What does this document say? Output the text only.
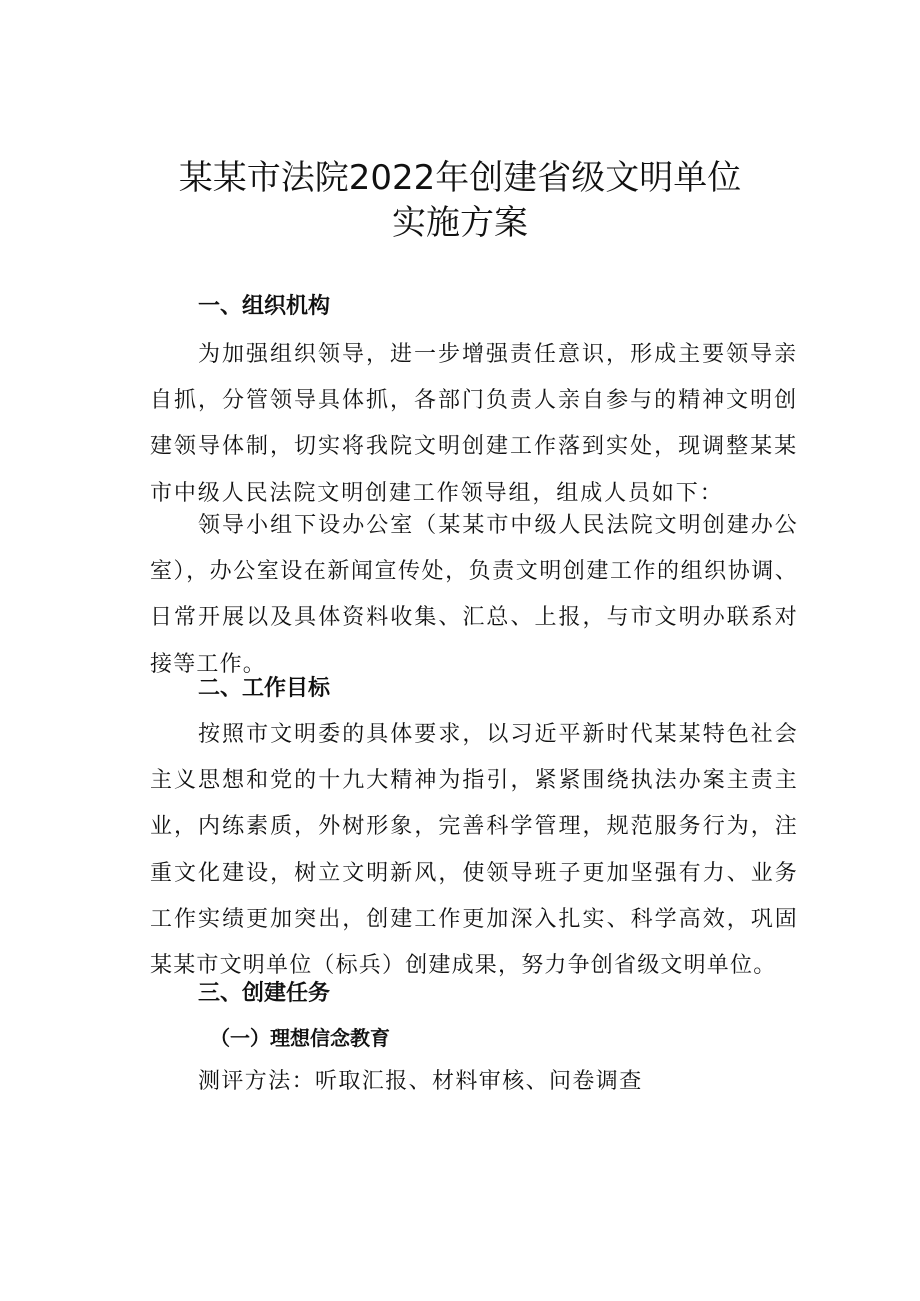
某某市法院2022年创建省级文明单位
实施方案
一、组织机构

为加强组织领导，进一步增强责任意识，形成主要领导亲自抓，分管领导具体抓，各部门负责人亲自参与的精神文明创建领导体制，切实将我院文明创建工作落到实处，现调整某某市中级人民法院文明创建工作领导组，组成人员如下：

领导小组下设办公室（某某市中级人民法院文明创建办公室），办公室设在新闻宣传处，负责文明创建工作的组织协调、日常开展以及具体资料收集、汇总、上报，与市文明办联系对接等工作。

二、工作目标

按照市文明委的具体要求，以习近平新时代某某特色社会主义思想和党的十九大精神为指引，紧紧围绕执法办案主责主业，内练素质，外树形象，完善科学管理，规范服务行为，注重文化建设，树立文明新风，使领导班子更加坚强有力、业务工作实绩更加突出，创建工作更加深入扎实、科学高效，巩固某某市文明单位（标兵）创建成果，努力争创省级文明单位。

三、创建任务
（一）理想信念教育

测评方法：听取汇报、材料审核、问卷调查
